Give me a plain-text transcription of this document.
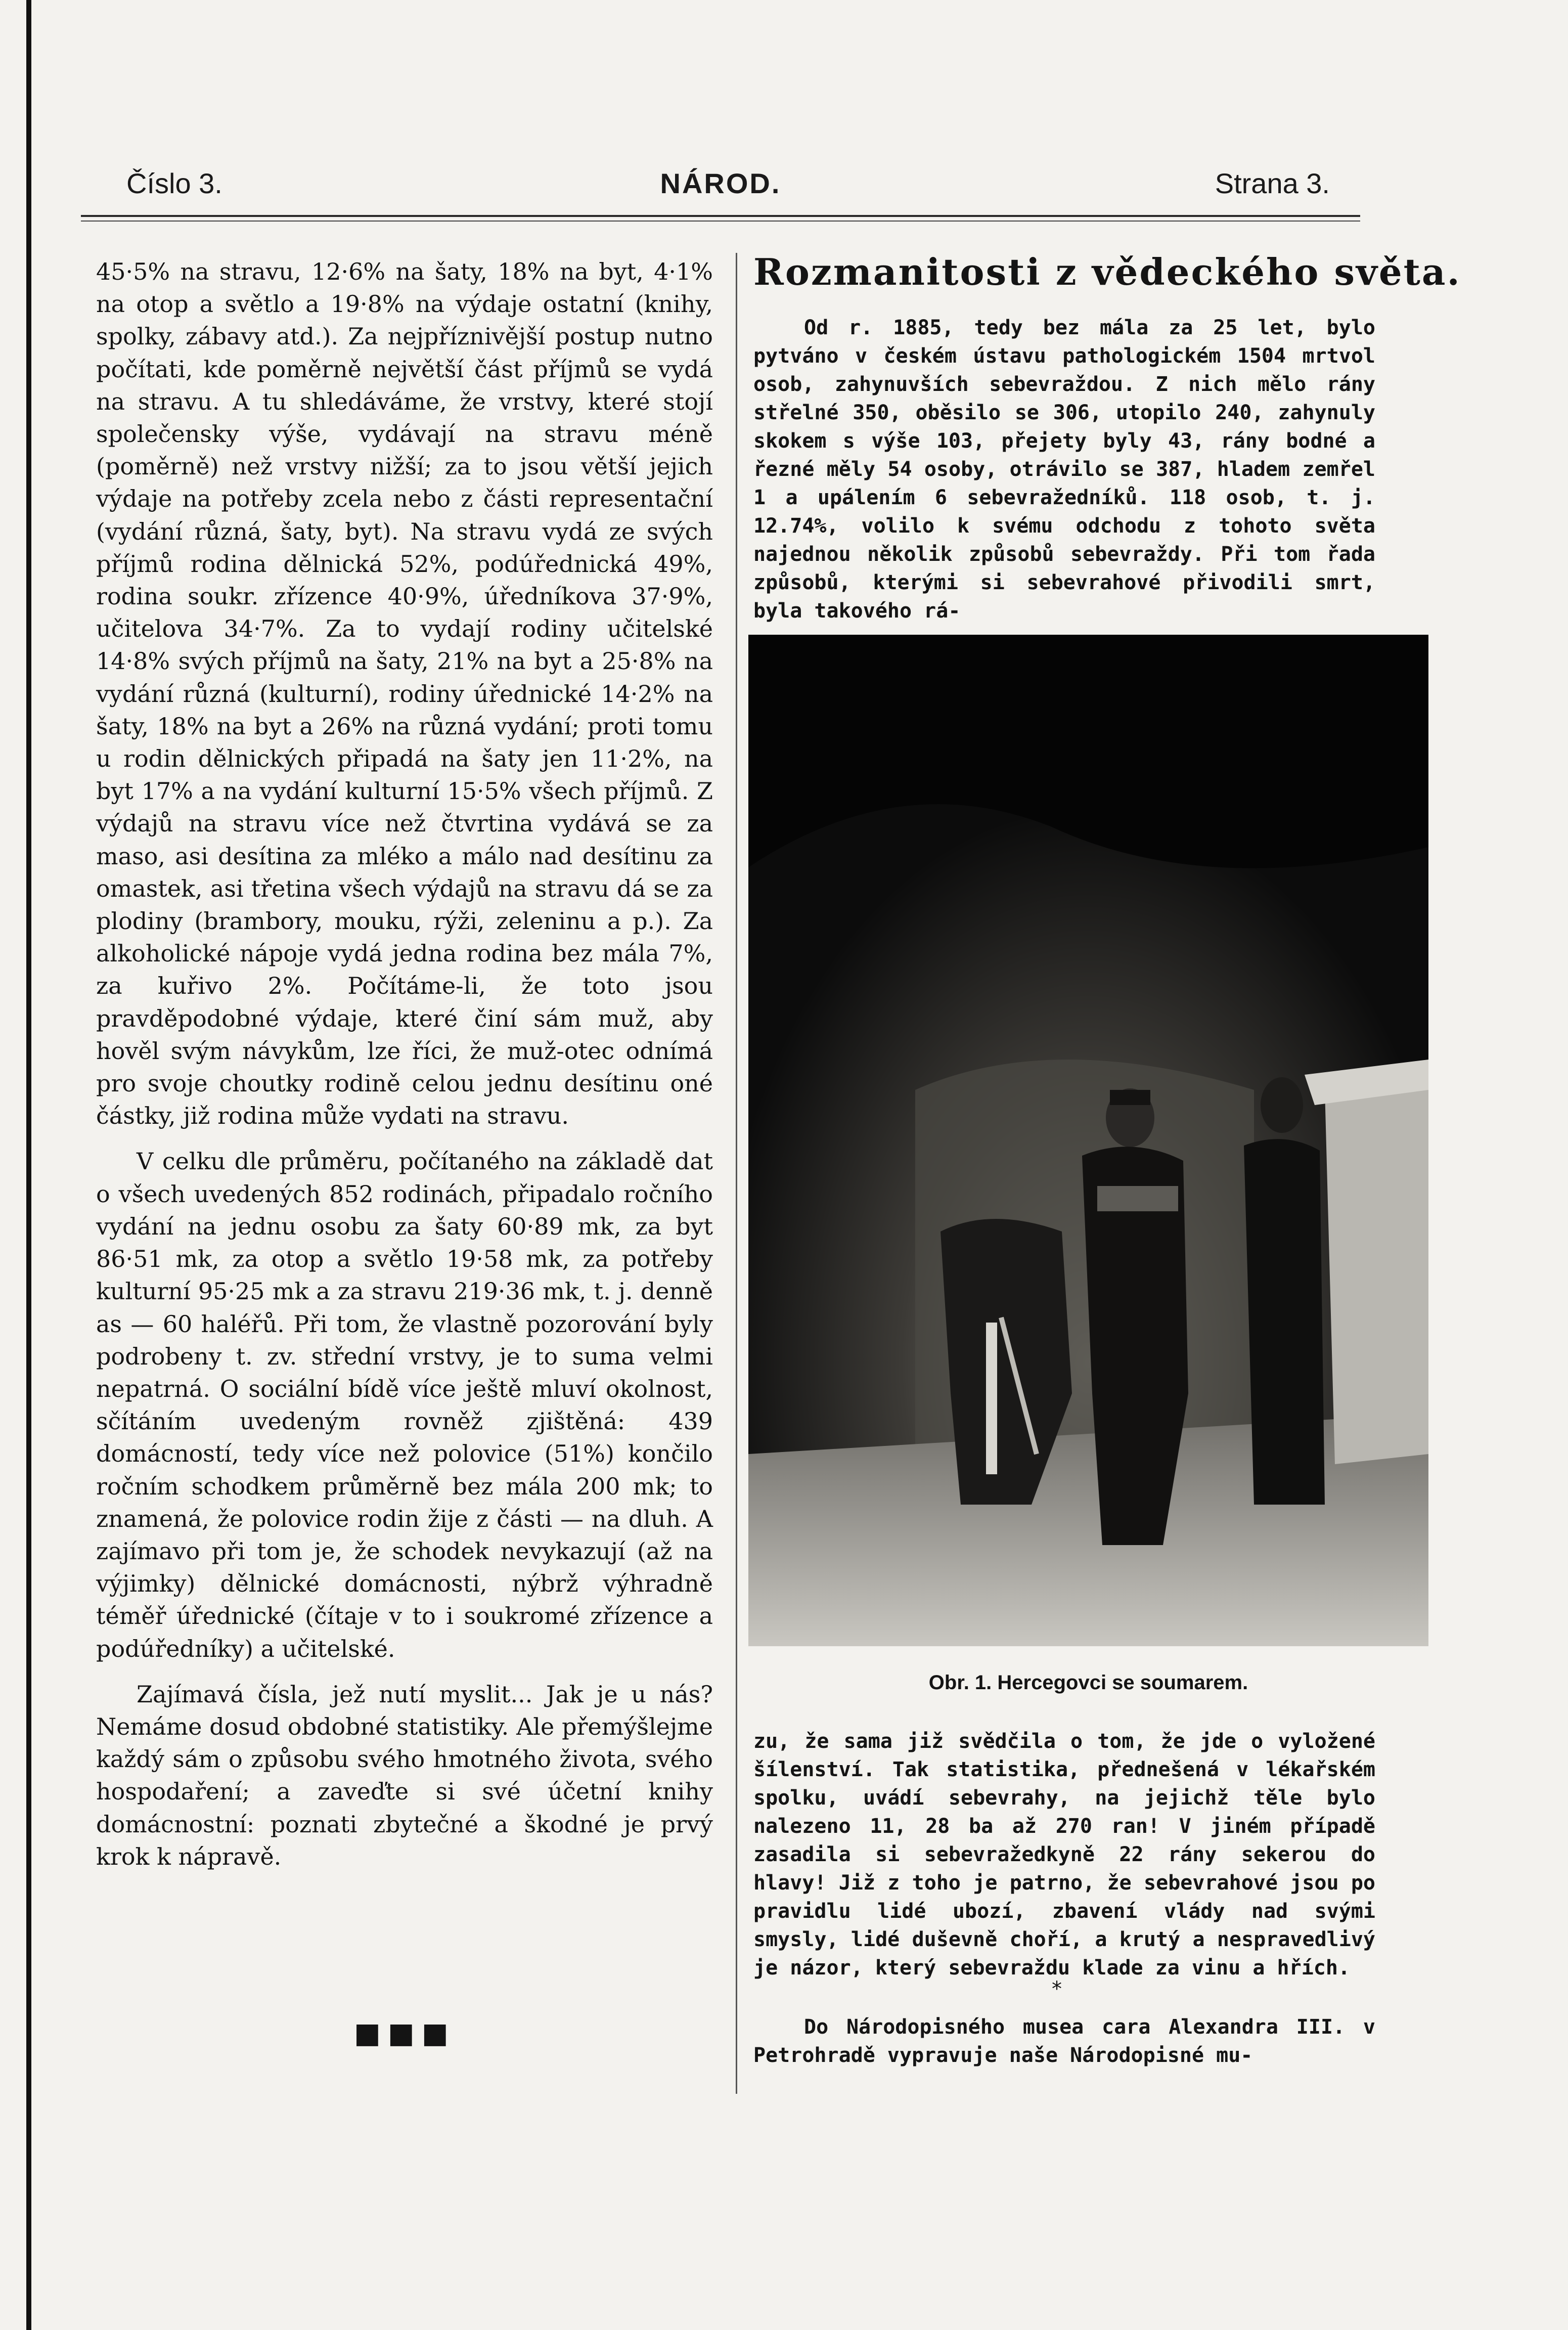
Číslo 3.	NÁROD.	Strana 3.

45·5% na stravu, 12·6% na šaty, 18% na byt, 4·1% na otop a světlo a 19·8% na výdaje ostatní (knihy, spolky, zábavy atd.). Za nejpříznivější postup nutno počítati, kde poměrně největší část příjmů se vydá na stravu. A tu shledáváme, že vrstvy, které stojí společensky výše, vydávají na stravu méně (poměrně) než vrstvy nižší; za to jsou větší jejich výdaje na potřeby zcela nebo z části representační (vydání různá, šaty, byt). Na stravu vydá ze svých příjmů rodina dělnická 52%, podúřednická 49%, rodina soukr. zřízence 40·9%, úředníkova 37·9%, učitelova 34·7%. Za to vydají rodiny učitelské 14·8% svých příjmů na šaty, 21% na byt a 25·8% na vydání různá (kulturní), rodiny úřednické 14·2% na šaty, 18% na byt a 26% na různá vydání; proti tomu u rodin dělnických připadá na šaty jen 11·2%, na byt 17% a na vydání kulturní 15·5% všech příjmů. Z výdajů na stravu více než čtvrtina vydává se za maso, asi desítina za mléko a málo nad desítinu za omastek, asi třetina všech výdajů na stravu dá se za plodiny (brambory, mouku, rýži, zeleninu a p.). Za alkoholické nápoje vydá jedna rodina bez mála 7%, za kuřivo 2%. Počítáme-li, že toto jsou pravděpodobné výdaje, které činí sám muž, aby hověl svým návykům, lze říci, že muž-otec odnímá pro svoje choutky rodině celou jednu desítinu oné částky, již rodina může vydati na stravu.

V celku dle průměru, počítaného na základě dat o všech uvedených 852 rodinách, připadalo ročního vydání na jednu osobu za šaty 60·89 mk, za byt 86·51 mk, za otop a světlo 19·58 mk, za potřeby kulturní 95·25 mk a za stravu 219·36 mk, t. j. denně as — 60 haléřů. Při tom, že vlastně pozorování byly podrobeny t. zv. střední vrstvy, je to suma velmi nepatrná. O sociální bídě více ještě mluví okolnost, sčítáním uvedeným rovněž zjištěná: 439 domácností, tedy více než polovice (51%) končilo ročním schodkem průměrně bez mála 200 mk; to znamená, že polovice rodin žije z části — na dluh. A zajímavo při tom je, že schodek nevykazují (až na výjimky) dělnické domácnosti, nýbrž výhradně téměř úřednické (čítaje v to i soukromé zřízence a podúředníky) a učitelské.

Zajímavá čísla, jež nutí myslit... Jak je u nás? Nemáme dosud obdobné statistiky. Ale přemýšlejme každý sám o způsobu svého hmotného života, svého hospodaření; a zaveďte si své účetní knihy domácnostní: poznati zbytečné a škodné je prvý krok k nápravě.

■■■
Rozmanitosti z vědeckého světa.

Od r. 1885, tedy bez mála za 25 let, bylo pytváno v českém ústavu pathologickém 1504 mrtvol osob, zahynuvších sebevraždou. Z nich mělo rány střelné 350, oběsilo se 306, utopilo 240, zahynuly skokem s výše 103, přejety byly 43, rány bodné a řezné měly 54 osoby, otrávilo se 387, hladem zemřel 1 a upálením 6 sebevražedníků. 118 osob, t. j. 12.74%, volilo k svému odchodu z tohoto světa najednou několik způsobů sebevraždy. Při tom řada způsobů, kterými si sebevrahové přivodili smrt, byla takového rá-

Obr. 1. Hercegovci se soumarem.

zu, že sama již svědčila o tom, že jde o vyložené šílenství. Tak statistika, přednešená v lékařském spolku, uvádí sebevrahy, na jejichž těle bylo nalezeno 11, 28 ba až 270 ran! V jiném případě zasadila si sebevražedkyně 22 rány sekerou do hlavy! Již z toho je patrno, že sebevrahové jsou po pravidlu lidé ubozí, zbavení vlády nad svými smysly, lidé duševně choří, a krutý a nespravedlivý je názor, který sebevraždu klade za vinu a hřích.

*

Do Národopisného musea cara Alexandra III. v Petrohradě vypravuje naše Národopisné mu-
